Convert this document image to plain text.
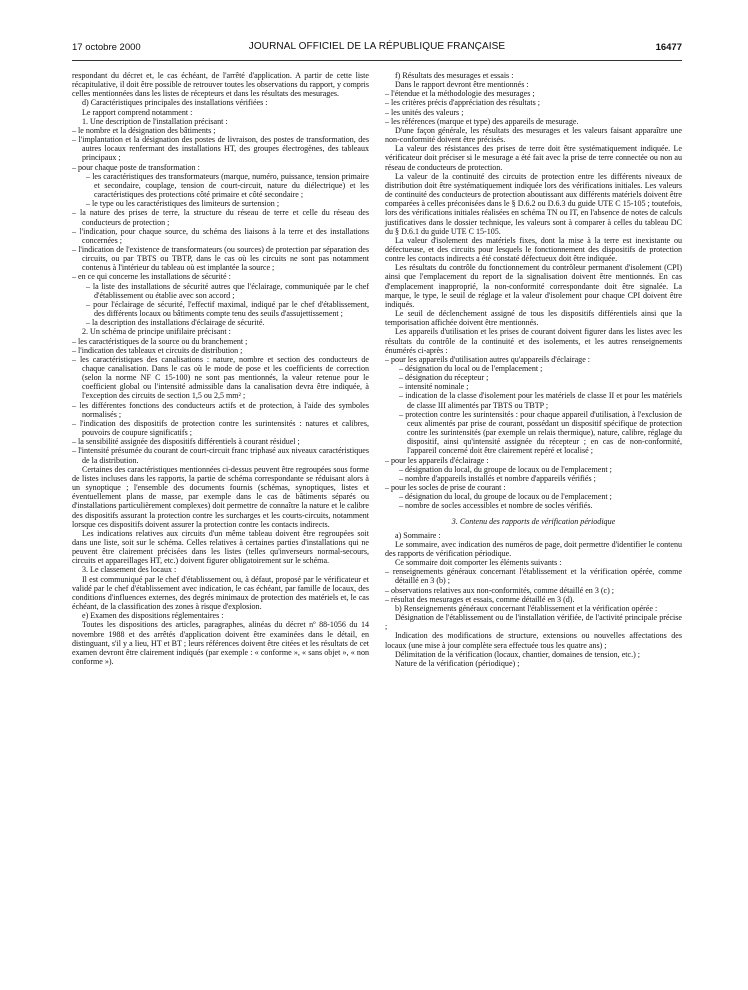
17 octobre 2000	JOURNAL OFFICIEL DE LA RÉPUBLIQUE FRANÇAISE	16477

respondant du décret et, le cas échéant, de l'arrêté d'application. A partir de cette liste récapitulative, il doit être possible de retrouver toutes les observations du rapport, y compris celles mentionnées dans les listes de récepteurs et dans les résultats des mesurages.

d) Caractéristiques principales des installations vérifiées :

Le rapport comprend notamment :

1. Une description de l'installation précisant :

– le nombre et la désignation des bâtiments ;

– l'implantation et la désignation des postes de livraison, des postes de transformation, des autres locaux renfermant des installations HT, des groupes électrogènes, des tableaux principaux ;

– pour chaque poste de transformation :

– les caractéristiques des transformateurs (marque, numéro, puissance, tension primaire et secondaire, couplage, tension de court-circuit, nature du diélectrique) et les caractéristiques des protections côté primaire et côté secondaire ;

– le type ou les caractéristiques des limiteurs de surtension ;

– la nature des prises de terre, la structure du réseau de terre et celle du réseau des conducteurs de protection ;

– l'indication, pour chaque source, du schéma des liaisons à la terre et des installations concernées ;

– l'indication de l'existence de transformateurs (ou sources) de protection par séparation des circuits, ou par TBTS ou TBTP, dans le cas où les circuits ne sont pas notamment contenus à l'intérieur du tableau où est implantée la source ;

– en ce qui concerne les installations de sécurité :

– la liste des installations de sécurité autres que l'éclairage, communiquée par le chef d'établissement ou établie avec son accord ;

– pour l'éclairage de sécurité, l'effectif maximal, indiqué par le chef d'établissement, des différents locaux ou bâtiments compte tenu des seuils d'assujettissement ;

– la description des installations d'éclairage de sécurité.

2. Un schéma de principe unifilaire précisant :

– les caractéristiques de la source ou du branchement ;

– l'indication des tableaux et circuits de distribution ;

– les caractéristiques des canalisations : nature, nombre et section des conducteurs de chaque canalisation. Dans le cas où le mode de pose et les coefficients de correction (selon la norme NF C 15-100) ne sont pas mentionnés, la valeur retenue pour le coefficient global ou l'intensité admissible dans la canalisation devra être indiquée, à l'exception des circuits de section 1,5 ou 2,5 mm² ;

– les différentes fonctions des conducteurs actifs et de protection, à l'aide des symboles normalisés ;

– l'indication des dispositifs de protection contre les surintensités : natures et calibres, pouvoirs de coupure significatifs ;

– la sensibilité assignée des dispositifs différentiels à courant résiduel ;

– l'intensité présumée du courant de court-circuit franc triphasé aux niveaux caractéristiques de la distribution.

Certaines des caractéristiques mentionnées ci-dessus peuvent être regroupées sous forme de listes incluses dans les rapports, la partie de schéma correspondante se réduisant alors à un synoptique ; l'ensemble des documents fournis (schémas, synoptiques, listes et éventuellement plans de masse, par exemple dans le cas de bâtiments séparés ou d'installations particulièrement complexes) doit permettre de connaître la nature et le calibre des dispositifs assurant la protection contre les surcharges et les courts-circuits, notamment lorsque ces dispositifs doivent assurer la protection contre les contacts indirects.

Les indications relatives aux circuits d'un même tableau doivent être regroupées soit dans une liste, soit sur le schéma. Celles relatives à certaines parties d'installations qui ne peuvent être clairement précisées dans les listes (telles qu'inverseurs normal-secours, circuits et appareillages HT, etc.) doivent figurer obligatoirement sur le schéma.

3. Le classement des locaux :

Il est communiqué par le chef d'établissement ou, à défaut, proposé par le vérificateur et validé par le chef d'établissement avec indication, le cas échéant, par famille de locaux, des conditions d'influences externes, des degrés minimaux de protection des matériels et, le cas échéant, de la classification des zones à risque d'explosion.

e) Examen des dispositions réglementaires :

Toutes les dispositions des articles, paragraphes, alinéas du décret nº 88-1056 du 14 novembre 1988 et des arrêtés d'application doivent être examinées dans le détail, en distinguant, s'il y a lieu, HT et BT ; leurs références doivent être citées et les résultats de cet examen devront être clairement indiqués (par exemple : « conforme », « sans objet », « non conforme »).

f) Résultats des mesurages et essais :

Dans le rapport devront être mentionnés :

– l'étendue et la méthodologie des mesurages ;

– les critères précis d'appréciation des résultats ;

– les unités des valeurs ;

– les références (marque et type) des appareils de mesurage.

D'une façon générale, les résultats des mesurages et les valeurs faisant apparaître une non-conformité doivent être précisés.

La valeur des résistances des prises de terre doit être systématiquement indiquée. Le vérificateur doit préciser si le mesurage a été fait avec la prise de terre connectée ou non au réseau de conducteurs de protection.

La valeur de la continuité des circuits de protection entre les différents niveaux de distribution doit être systématiquement indiquée lors des vérifications initiales. Les valeurs de continuité des conducteurs de protection aboutissant aux différents matériels doivent être comparées à celles préconisées dans le § D.6.2 ou D.6.3 du guide UTE C 15-105 ; toutefois, lors des vérifications initiales réalisées en schéma TN ou IT, en l'absence de notes de calculs justificatives dans le dossier technique, les valeurs sont à comparer à celles du tableau DC du § D.6.1 du guide UTE C 15-105.

La valeur d'isolement des matériels fixes, dont la mise à la terre est inexistante ou défectueuse, et des circuits pour lesquels le fonctionnement des dispositifs de protection contre les contacts indirects a été constaté défectueux doit être indiquée.

Les résultats du contrôle du fonctionnement du contrôleur permanent d'isolement (CPI) ainsi que l'emplacement du report de la signalisation doivent être mentionnés. En cas d'emplacement inapproprié, la non-conformité correspondante doit être signalée. La marque, le type, le seuil de réglage et la valeur d'isolement pour chaque CPI doivent être indiqués.

Le seuil de déclenchement assigné de tous les dispositifs différentiels ainsi que la temporisation affichée doivent être mentionnés.

Les appareils d'utilisation et les prises de courant doivent figurer dans les listes avec les résultats du contrôle de la continuité et des isolements, et les autres renseignements énumérés ci-après :

– pour les appareils d'utilisation autres qu'appareils d'éclairage :

– désignation du local ou de l'emplacement ;

– désignation du récepteur ;

– intensité nominale ;

– indication de la classe d'isolement pour les matériels de classe II et pour les matériels de classe III alimentés par TBTS ou TBTP ;

– protection contre les surintensités : pour chaque appareil d'utilisation, à l'exclusion de ceux alimentés par prise de courant, possédant un dispositif spécifique de protection contre les surintensités (par exemple un relais thermique), nature, calibre, réglage du dispositif, ainsi qu'intensité assignée du récepteur ; en cas de non-conformité, l'appareil concerné doit être clairement repéré et localisé ;

– pour les appareils d'éclairage :

– désignation du local, du groupe de locaux ou de l'emplacement ;

– nombre d'appareils installés et nombre d'appareils vérifiés ;

– pour les socles de prise de courant :

– désignation du local, du groupe de locaux ou de l'emplacement ;

– nombre de socles accessibles et nombre de socles vérifiés.

3. Contenu des rapports de vérification périodique

a) Sommaire :

Le sommaire, avec indication des numéros de page, doit permettre d'identifier le contenu des rapports de vérification périodique.

Ce sommaire doit comporter les éléments suivants :

– renseignements généraux concernant l'établissement et la vérification opérée, comme détaillé en 3 (b) ;

– observations relatives aux non-conformités, comme détaillé en 3 (c) ;

– résultat des mesurages et essais, comme détaillé en 3 (d).

b) Renseignements généraux concernant l'établissement et la vérification opérée :

Désignation de l'établissement ou de l'installation vérifiée, de l'activité principale précise ;

Indication des modifications de structure, extensions ou nouvelles affectations des locaux (une mise à jour complète sera effectuée tous les quatre ans) ;

Délimitation de la vérification (locaux, chantier, domaines de tension, etc.) ;

Nature de la vérification (périodique) ;
